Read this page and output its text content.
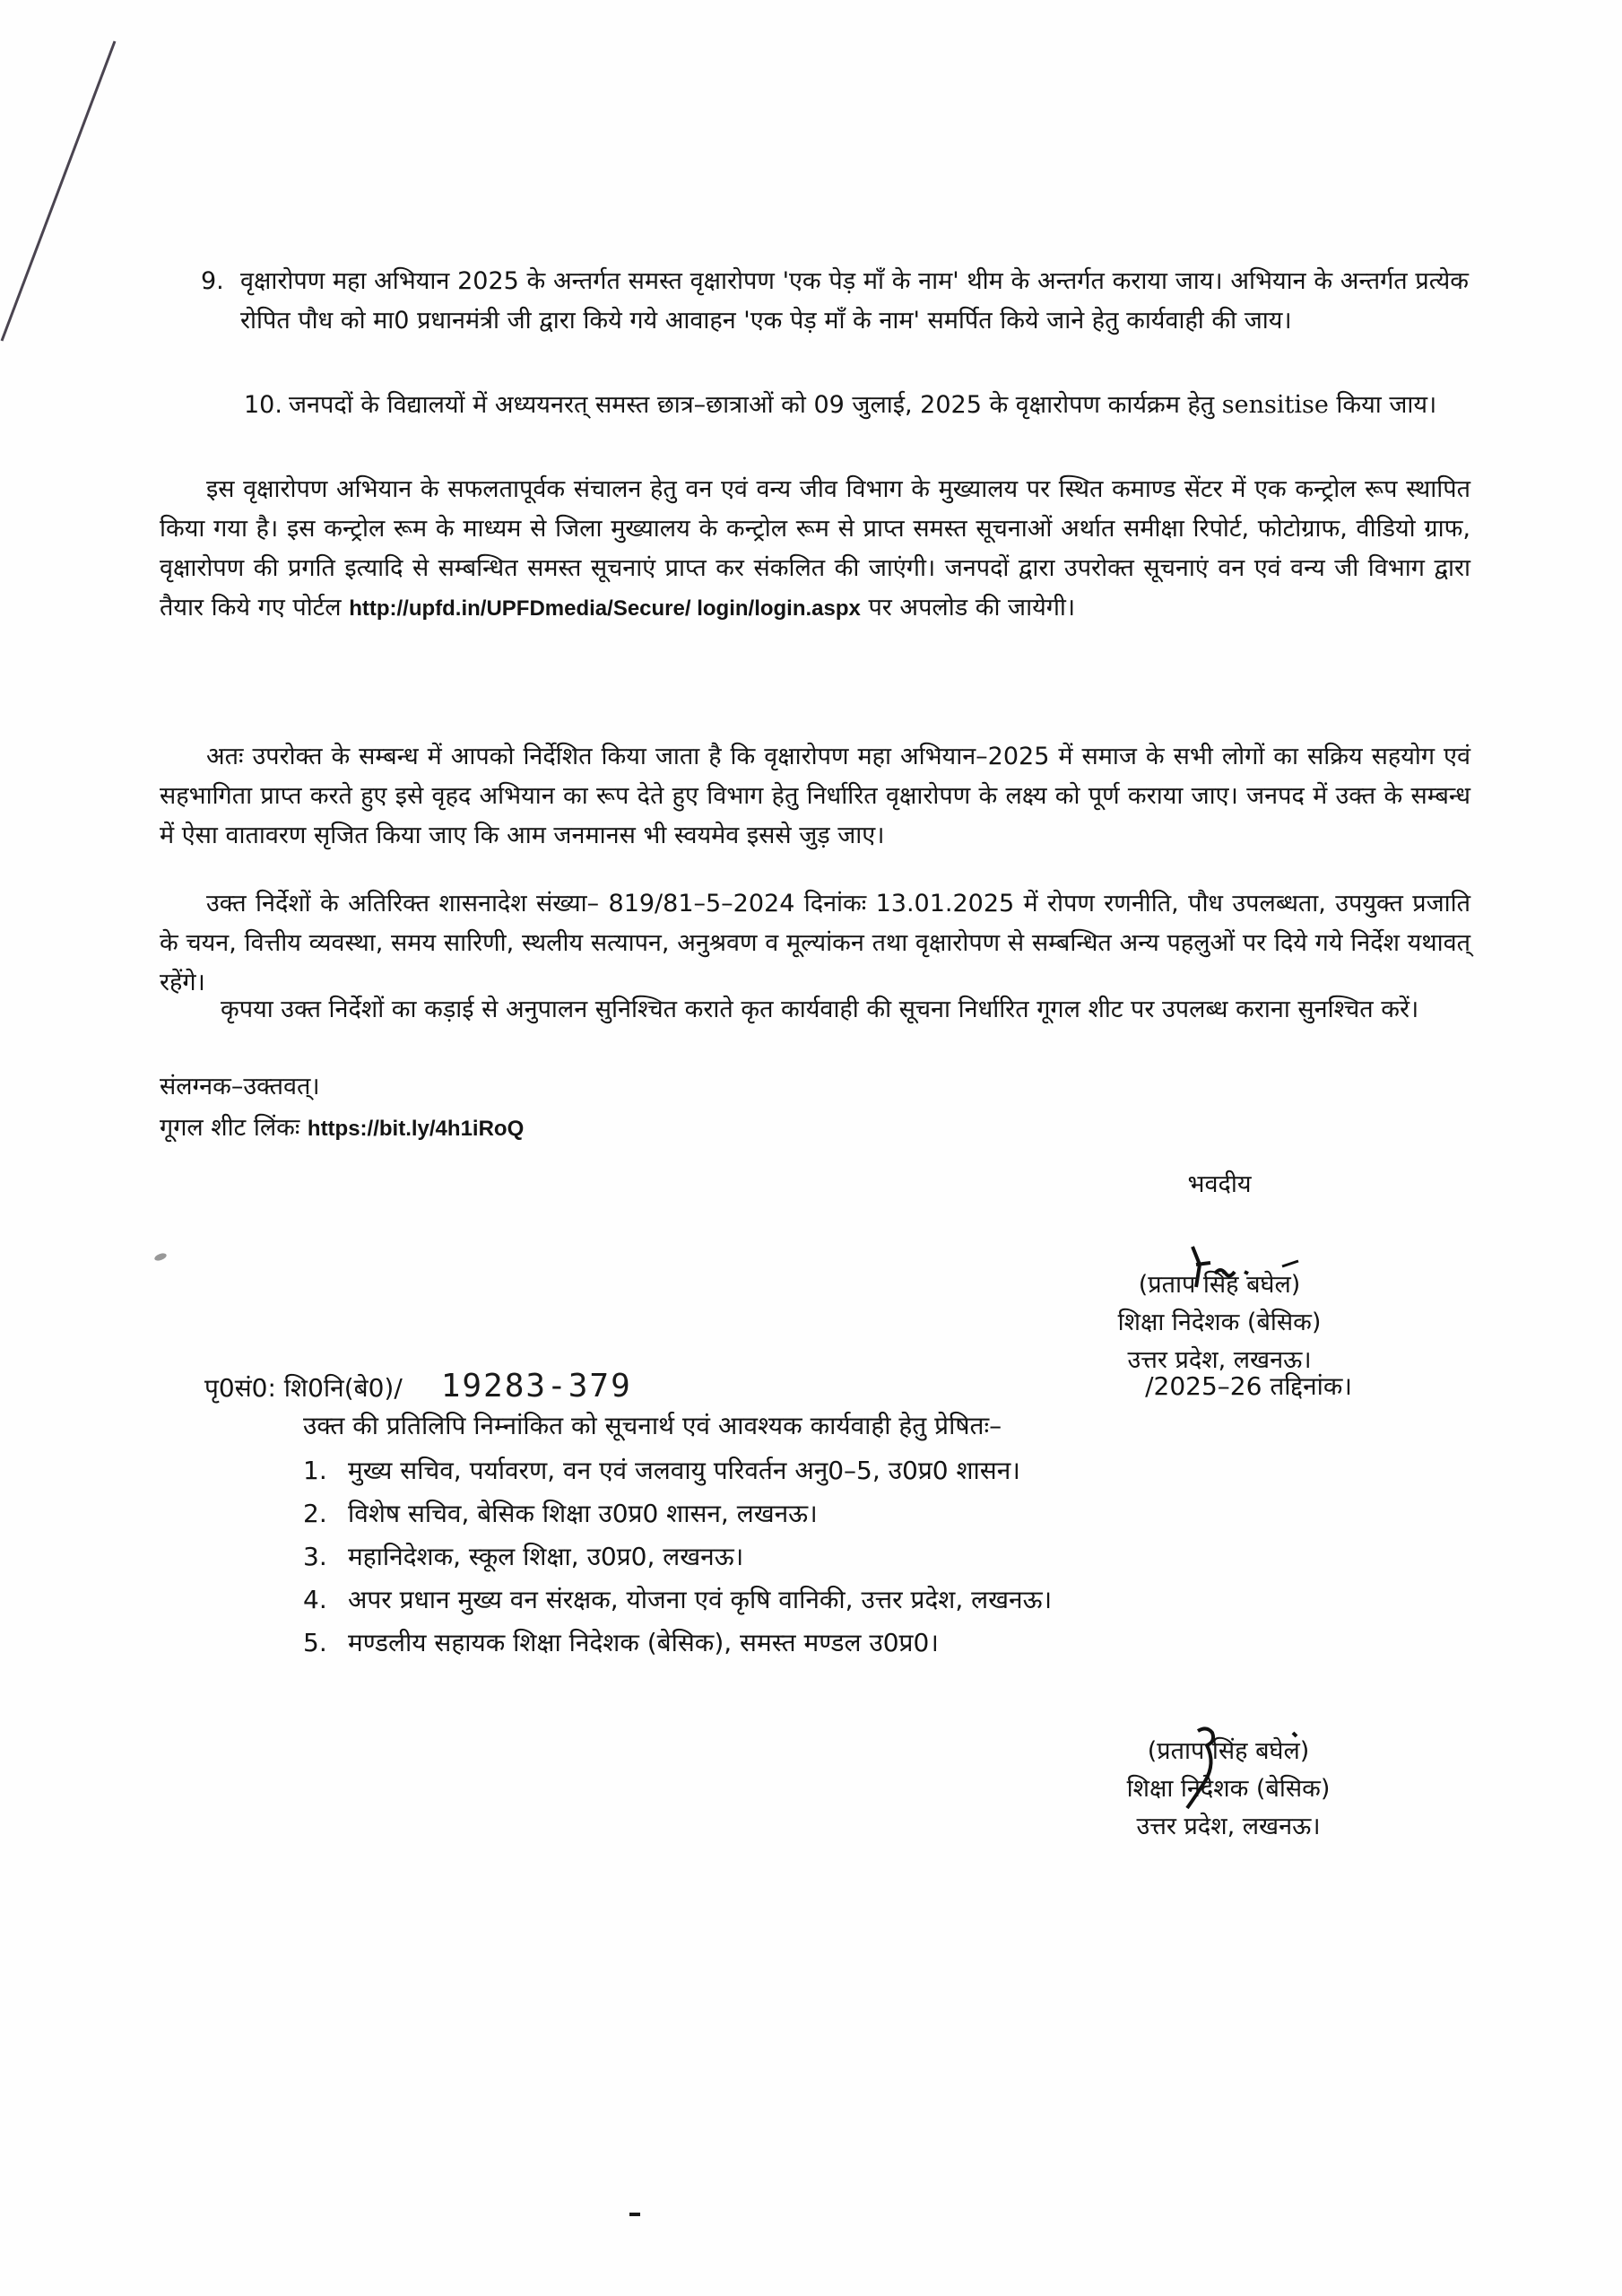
9. वृक्षारोपण महा अभियान 2025 के अन्तर्गत समस्त वृक्षारोपण 'एक पेड़ माँ के नाम' थीम के अन्तर्गत कराया जाय। अभियान के अन्तर्गत प्रत्येक रोपित पौध को मा0 प्रधानमंत्री जी द्वारा किये गये आवाहन 'एक पेड़ माँ के नाम' समर्पित किये जाने हेतु कार्यवाही की जाय।
10. जनपदों के विद्यालयों में अध्ययनरत् समस्त छात्र–छात्राओं को 09 जुलाई, 2025 के वृक्षारोपण कार्यक्रम हेतु sensitise किया जाय।
इस वृक्षारोपण अभियान के सफलतापूर्वक संचालन हेतु वन एवं वन्य जीव विभाग के मुख्यालय पर स्थित कमाण्ड सेंटर में एक कन्ट्रोल रूप स्थापित किया गया है। इस कन्ट्रोल रूम के माध्यम से जिला मुख्यालय के कन्ट्रोल रूम से प्राप्त समस्त सूचनाओं अर्थात समीक्षा रिपोर्ट, फोटोग्राफ, वीडियो ग्राफ, वृक्षारोपण की प्रगति इत्यादि से सम्बन्धित समस्त सूचनाएं प्राप्त कर संकलित की जाएंगी। जनपदों द्वारा उपरोक्त सूचनाएं वन एवं वन्य जी विभाग द्वारा तैयार किये गए पोर्टल http://upfd.in/UPFDmedia/Secure/ login/login.aspx पर अपलोड की जायेगी।
अतः उपरोक्त के सम्बन्ध में आपको निर्देशित किया जाता है कि वृक्षारोपण महा अभियान–2025 में समाज के सभी लोगों का सक्रिय सहयोग एवं सहभागिता प्राप्त करते हुए इसे वृहद अभियान का रूप देते हुए विभाग हेतु निर्धारित वृक्षारोपण के लक्ष्य को पूर्ण कराया जाए। जनपद में उक्त के सम्बन्ध में ऐसा वातावरण सृजित किया जाए कि आम जनमानस भी स्वयमेव इससे जुड़ जाए।
उक्त निर्देशों के अतिरिक्त शासनादेश संख्या– 819/81–5–2024 दिनांकः 13.01.2025 में रोपण रणनीति, पौध उपलब्धता, उपयुक्त प्रजाति के चयन, वित्तीय व्यवस्था, समय सारिणी, स्थलीय सत्यापन, अनुश्रवण व मूल्यांकन तथा वृक्षारोपण से सम्बन्धित अन्य पहलुओं पर दिये गये निर्देश यथावत् रहेंगे।
कृपया उक्त निर्देशों का कड़ाई से अनुपालन सुनिश्चित कराते कृत कार्यवाही की सूचना निर्धारित गूगल शीट पर उपलब्ध कराना सुनश्चित करें।
संलग्नक–उक्तवत्।
गूगल शीट लिंकः https://bit.ly/4h1iRoQ
भवदीय
(प्रताप सिंह बघेल)
शिक्षा निदेशक (बेसिक)
उत्तर प्रदेश, लखनऊ।
पृ0सं0: शि0नि(बे0)/ 19283-379	/2025–26 तद्दिनांक।
उक्त की प्रतिलिपि निम्नांकित को सूचनार्थ एवं आवश्यक कार्यवाही हेतु प्रेषितः–
1. मुख्य सचिव, पर्यावरण, वन एवं जलवायु परिवर्तन अनु0–5, उ0प्र0 शासन।
2. विशेष सचिव, बेसिक शिक्षा उ0प्र0 शासन, लखनऊ।
3. महानिदेशक, स्कूल शिक्षा, उ0प्र0, लखनऊ।
4. अपर प्रधान मुख्य वन संरक्षक, योजना एवं कृषि वानिकी, उत्तर प्रदेश, लखनऊ।
5. मण्डलीय सहायक शिक्षा निदेशक (बेसिक), समस्त मण्डल उ0प्र0।
(प्रताप सिंह बघेल)
शिक्षा निदेशक (बेसिक)
उत्तर प्रदेश, लखनऊ।
